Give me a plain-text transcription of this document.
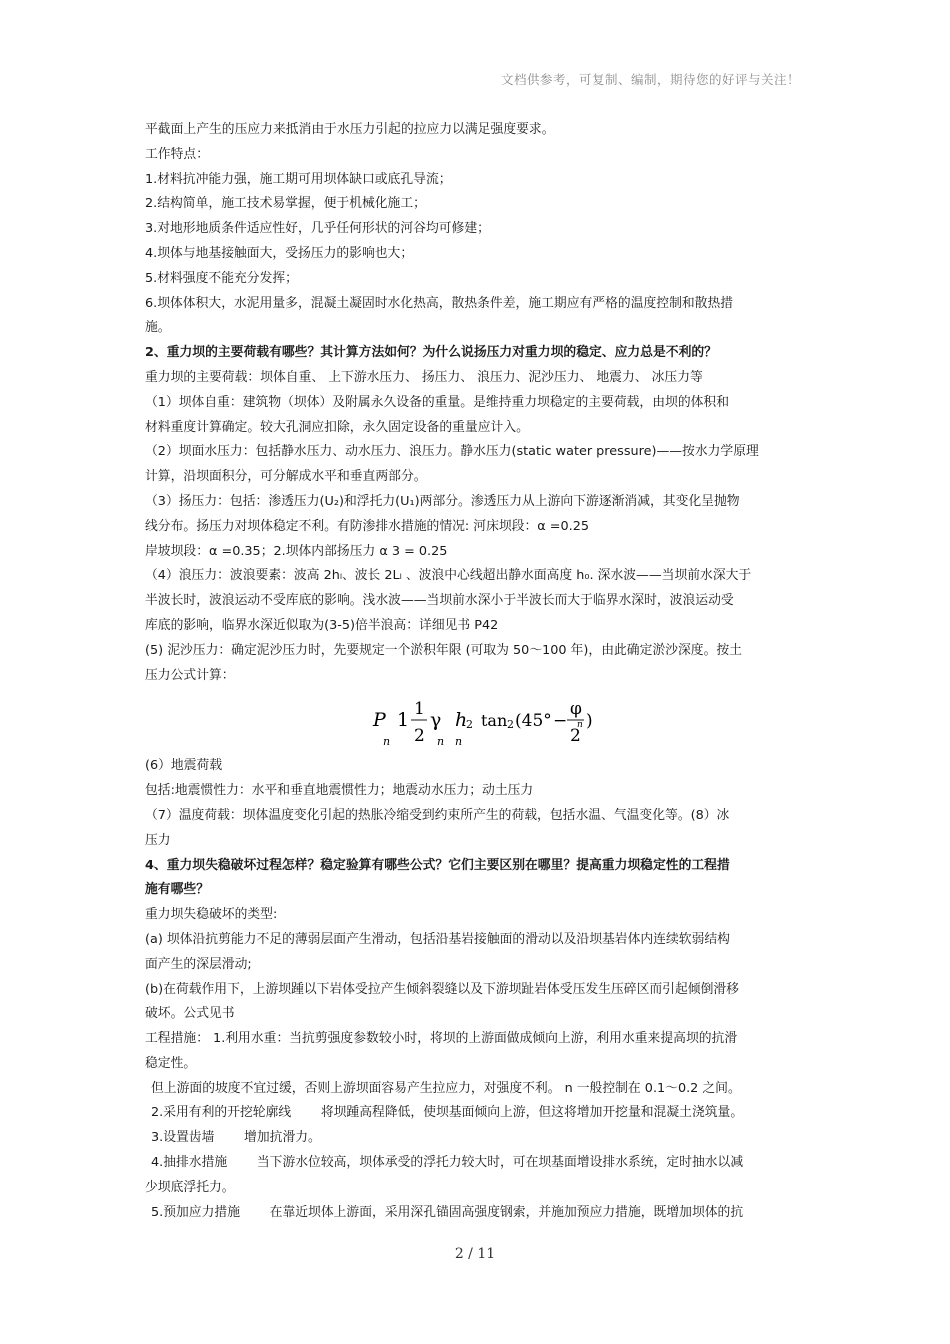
文档供参考，可复制、编制，期待您的好评与关注！

平截面上产生的压应力来抵消由于水压力引起的拉应力以满足强度要求。

工作特点：

1.材料抗冲能力强，施工期可用坝体缺口或底孔导流；

2.结构简单，施工技术易掌握，便于机械化施工；

3.对地形地质条件适应性好，几乎任何形状的河谷均可修建；

4.坝体与地基接触面大，受扬压力的影响也大；

5.材料强度不能充分发挥；

6.坝体体积大，水泥用量多，混凝土凝固时水化热高，散热条件差，施工期应有严格的温度控制和散热措

施。

2、重力坝的主要荷载有哪些？其计算方法如何？为什么说扬压力对重力坝的稳定、应力总是不利的？

重力坝的主要荷载：坝体自重、 上下游水压力、 扬压力、 浪压力、泥沙压力、 地震力、 冰压力等

（1）坝体自重：建筑物（坝体）及附属永久设备的重量。是维持重力坝稳定的主要荷载，由坝的体积和

材料重度计算确定。较大孔洞应扣除，永久固定设备的重量应计入。

（2）坝面水压力：包括静水压力、动水压力、浪压力。静水压力(static water pressure)——按水力学原理

计算，沿坝面积分，可分解成水平和垂直两部分。

（3）扬压力：包括：渗透压力(U₂)和浮托力(U₁)两部分。渗透压力从上游向下游逐渐消减，其变化呈抛物

线分布。扬压力对坝体稳定不利。有防渗排水措施的情况: 河床坝段：α =0.25

岸坡坝段：α =0.35；2.坝体内部扬压力 α 3 = 0.25

（4）浪压力：波浪要素：波高 2hₗ、波长 2Lₗ 、波浪中心线超出静水面高度 h₀. 深水波——当坝前水深大于

半波长时，波浪运动不受库底的影响。浅水波——当坝前水深小于半波长而大于临界水深时，波浪运动受

库底的影响，临界水深近似取为(3-5)倍半浪高：详细见书 P42

(5) 泥沙压力：确定泥沙压力时，先要规定一个淤积年限 (可取为 50～100 年)，由此确定淤沙深度。按土

压力公式计算：

P
n
1 1
2
γ
n
h
2
n
tan 2 (45° −
φ
2
n )

(6）地震荷载

包括:地震惯性力：水平和垂直地震惯性力；地震动水压力；动土压力

（7）温度荷载：坝体温度变化引起的热胀冷缩受到约束所产生的荷载，包括水温、气温变化等。(8）冰

压力

4、重力坝失稳破坏过程怎样？稳定验算有哪些公式？它们主要区别在哪里？提高重力坝稳定性的工程措

施有哪些？

重力坝失稳破坏的类型:

(a) 坝体沿抗剪能力不足的薄弱层面产生滑动，包括沿基岩接触面的滑动以及沿坝基岩体内连续软弱结构

面产生的深层滑动;

(b)在荷载作用下，上游坝踵以下岩体受拉产生倾斜裂缝以及下游坝趾岩体受压发生压碎区而引起倾倒滑移

破坏。公式见书

工程措施： 1.利用水重：当抗剪强度参数较小时，将坝的上游面做成倾向上游，利用水重来提高坝的抗滑

稳定性。

但上游面的坡度不宜过缓，否则上游坝面容易产生拉应力，对强度不利。 n 一般控制在 0.1～0.2 之间。

2.采用有利的开挖轮廓线 　　将坝踵高程降低，使坝基面倾向上游，但这将增加开挖量和混凝土浇筑量。

3.设置齿墙 　　增加抗滑力。

4.抽排水措施 　　当下游水位较高，坝体承受的浮托力较大时，可在坝基面增设排水系统，定时抽水以减

少坝底浮托力。

5.预加应力措施 　　在靠近坝体上游面，采用深孔锚固高强度钢索，并施加预应力措施，既增加坝体的抗

2 / 11
